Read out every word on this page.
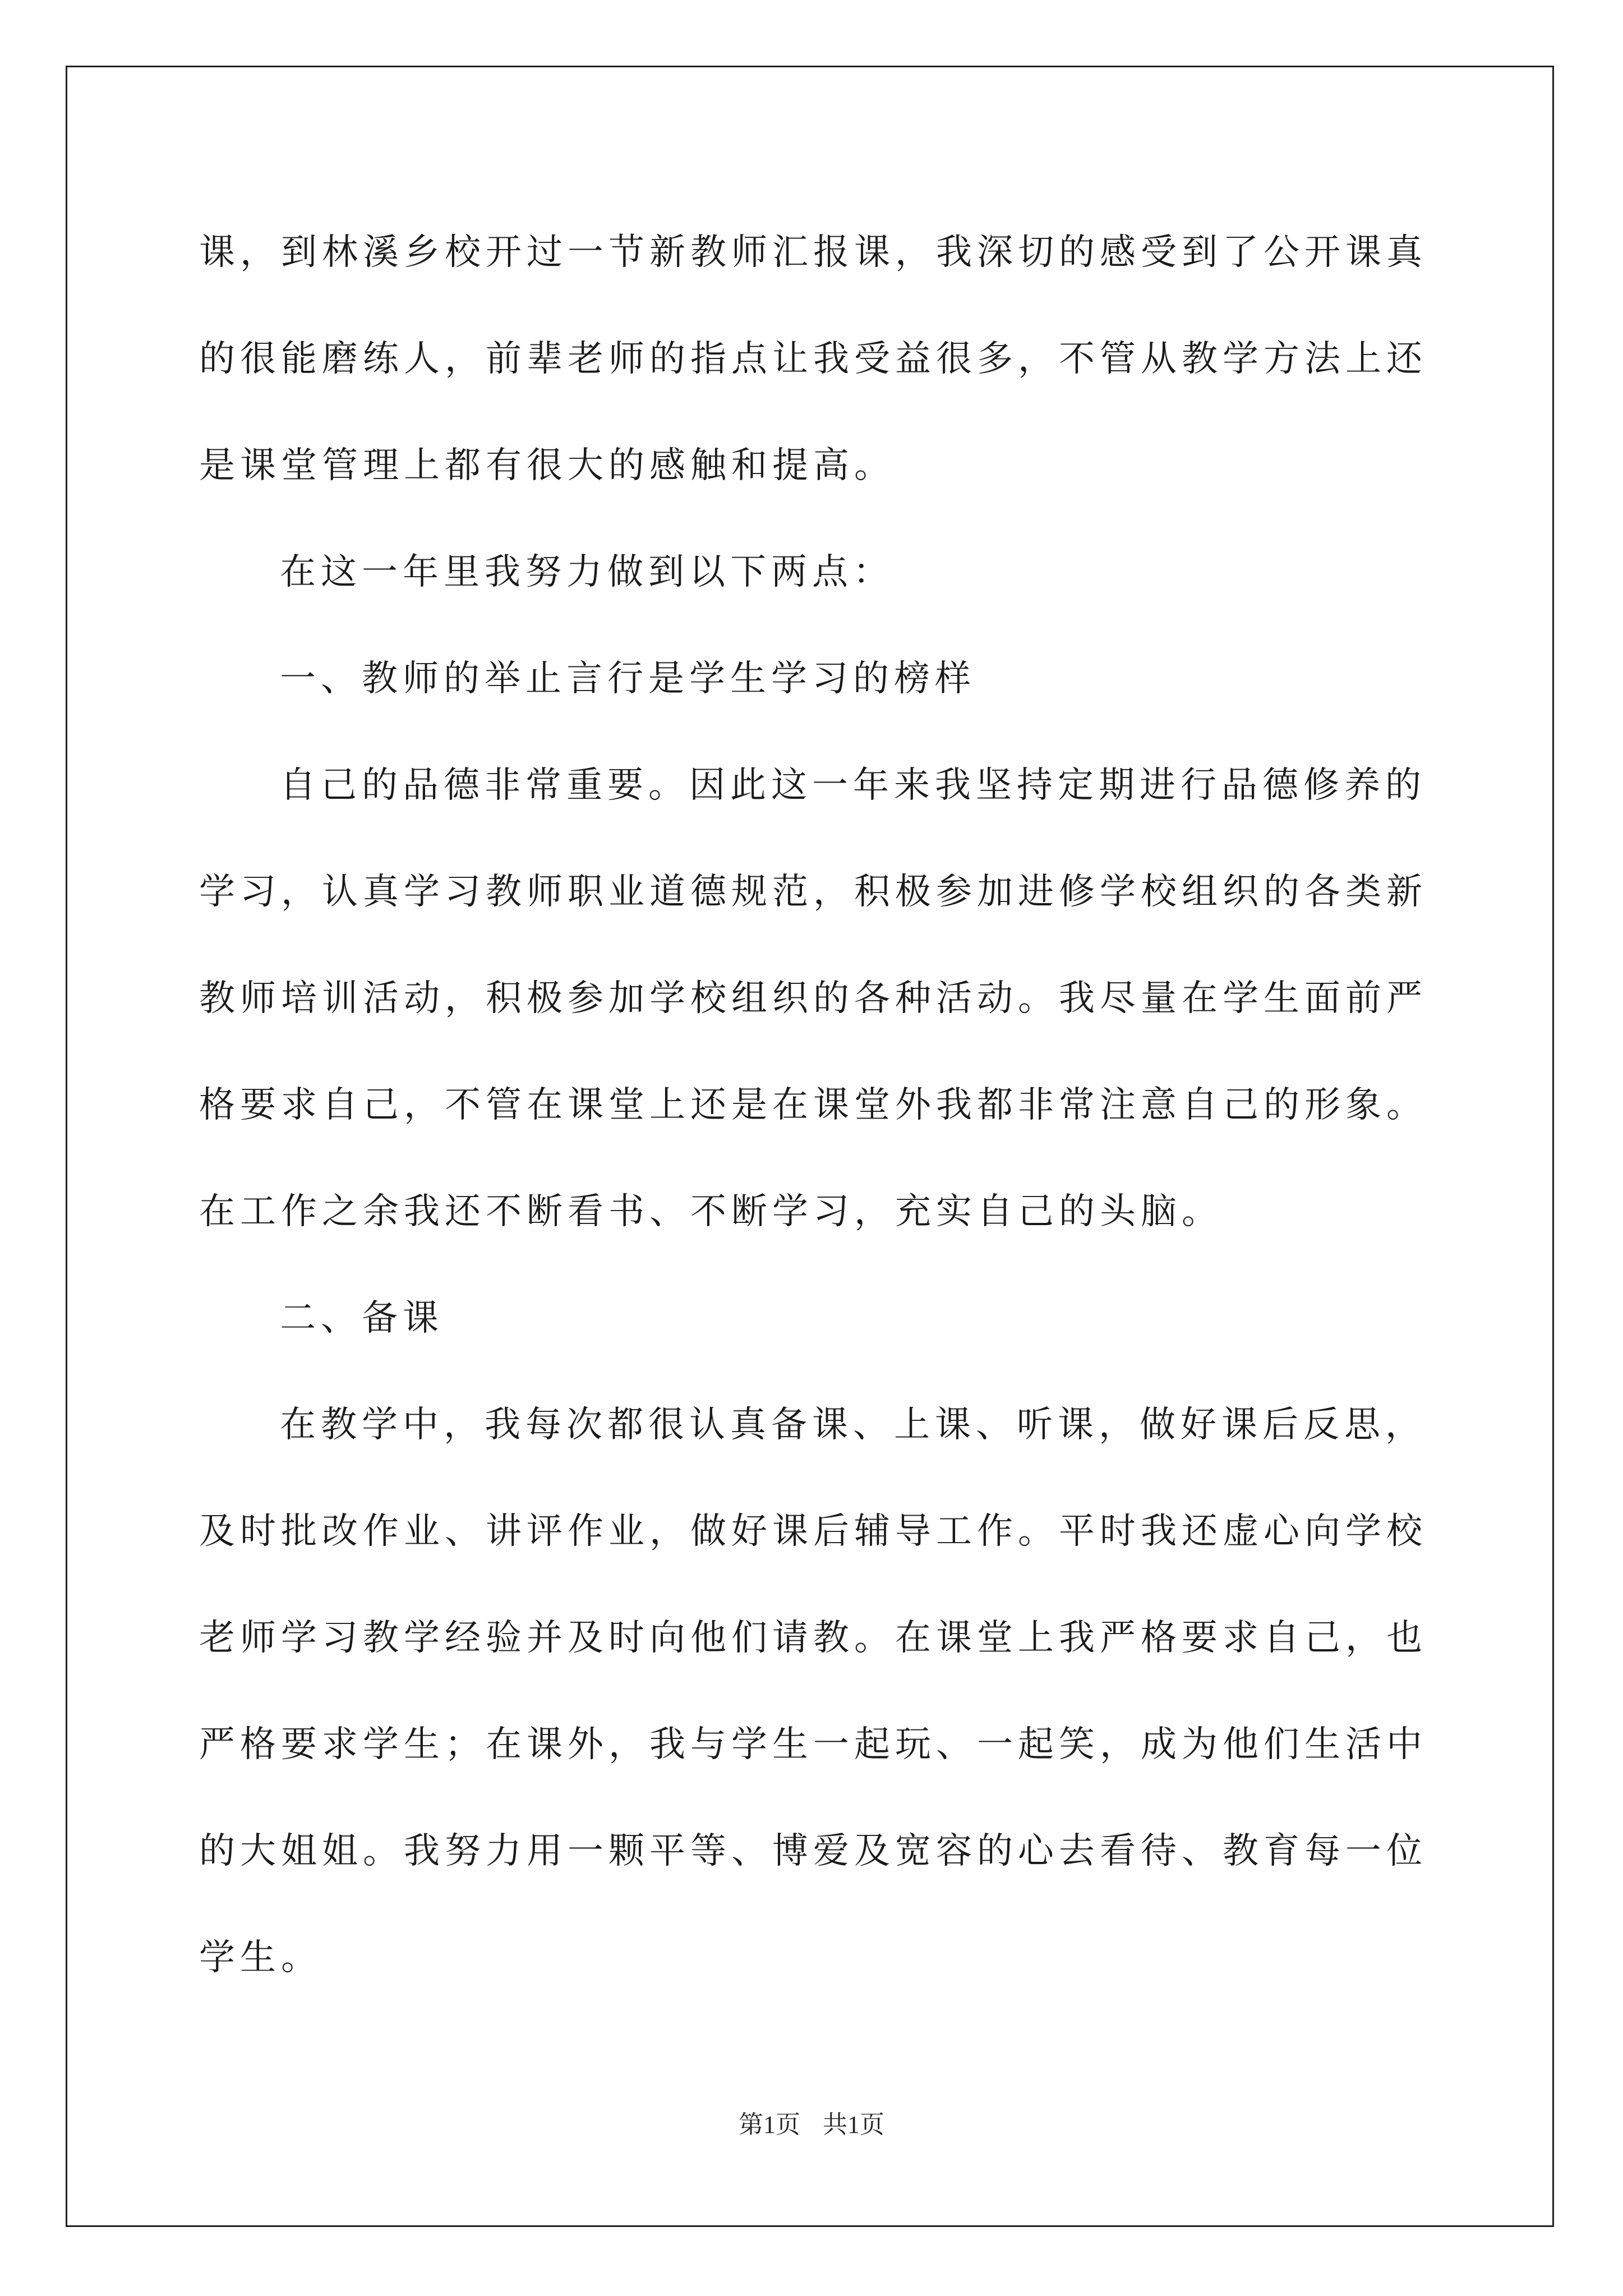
课，到林溪乡校开过一节新教师汇报课，我深切的感受到了公开课真
的很能磨练人，前辈老师的指点让我受益很多，不管从教学方法上还
是课堂管理上都有很大的感触和提高。
在这一年里我努力做到以下两点：
一、教师的举止言行是学生学习的榜样
自己的品德非常重要。因此这一年来我坚持定期进行品德修养的
学习，认真学习教师职业道德规范，积极参加进修学校组织的各类新
教师培训活动，积极参加学校组织的各种活动。我尽量在学生面前严
格要求自己，不管在课堂上还是在课堂外我都非常注意自己的形象。
在工作之余我还不断看书、不断学习，充实自己的头脑。
二、备课
在教学中，我每次都很认真备课、上课、听课，做好课后反思，
及时批改作业、讲评作业，做好课后辅导工作。平时我还虚心向学校
老师学习教学经验并及时向他们请教。在课堂上我严格要求自己，也
严格要求学生；在课外，我与学生一起玩、一起笑，成为他们生活中
的大姐姐。我努力用一颗平等、博爱及宽容的心去看待、教育每一位
学生。
第1页 共1页
